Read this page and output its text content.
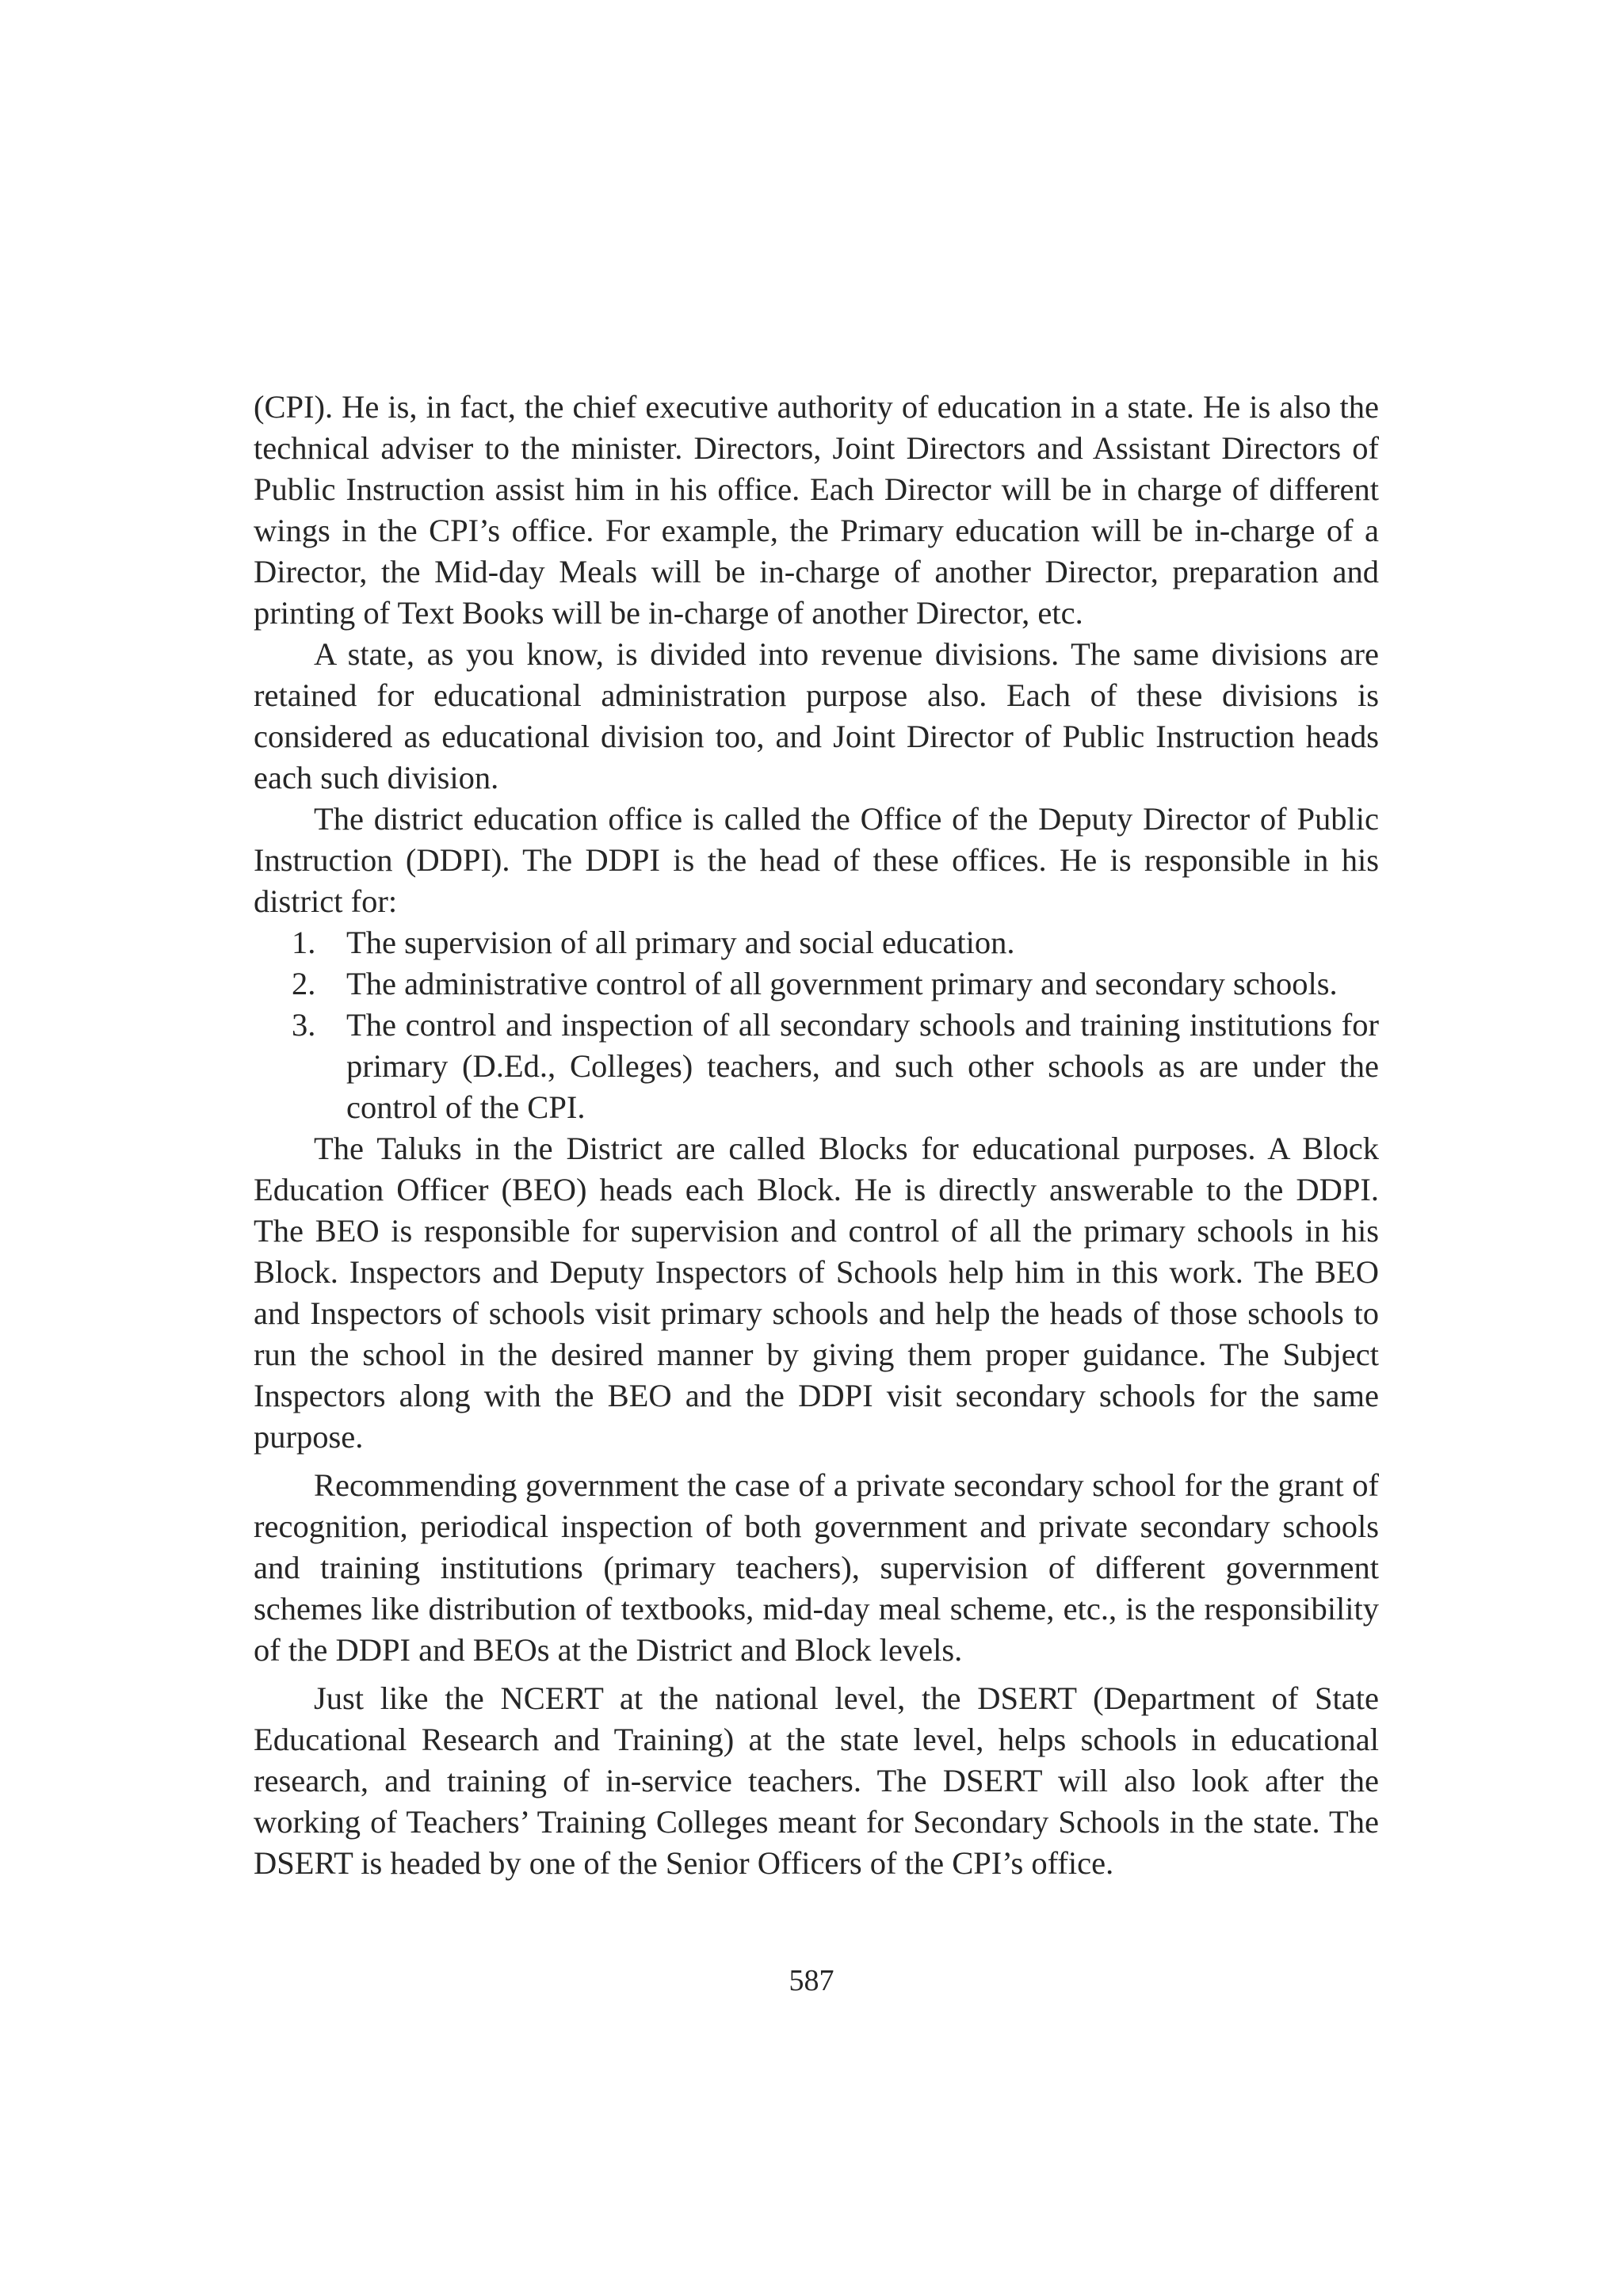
(CPI). He is, in fact, the chief executive authority of education in a state. He is also the technical adviser to the minister. Directors, Joint Directors and Assistant Directors of Public Instruction assist him in his office. Each Director will be in charge of different wings in the CPI’s office. For example, the Primary education will be in-charge of a Director, the Mid-day Meals will be in-charge of another Director, preparation and printing of Text Books will be in-charge of another Director, etc.

A state, as you know, is divided into revenue divisions. The same divisions are retained for educational administration purpose also. Each of these divisions is considered as educational division too, and Joint Director of Public Instruction heads each such division.

The district education office is called the Office of the Deputy Director of Public Instruction (DDPI). The DDPI is the head of these offices. He is responsible in his district for:

1. The supervision of all primary and social education.
2. The administrative control of all government primary and secondary schools.
3. The control and inspection of all secondary schools and training institutions for primary (D.Ed., Colleges) teachers, and such other schools as are under the control of the CPI.

The Taluks in the District are called Blocks for educational purposes. A Block Education Officer (BEO) heads each Block. He is directly answerable to the DDPI. The BEO is responsible for supervision and control of all the primary schools in his Block. Inspectors and Deputy Inspectors of Schools help him in this work. The BEO and Inspectors of schools visit primary schools and help the heads of those schools to run the school in the desired manner by giving them proper guidance. The Subject Inspectors along with the BEO and the DDPI visit secondary schools for the same purpose.

Recommending government the case of a private secondary school for the grant of recognition, periodical inspection of both government and private secondary schools and training institutions (primary teachers), supervision of different government schemes like distribution of textbooks, mid-day meal scheme, etc., is the responsibility of the DDPI and BEOs at the District and Block levels.

Just like the NCERT at the national level, the DSERT (Department of State Educational Research and Training) at the state level, helps schools in educational research, and training of in-service teachers. The DSERT will also look after the working of Teachers’ Training Colleges meant for Secondary Schools in the state. The DSERT is headed by one of the Senior Officers of the CPI’s office.

587
